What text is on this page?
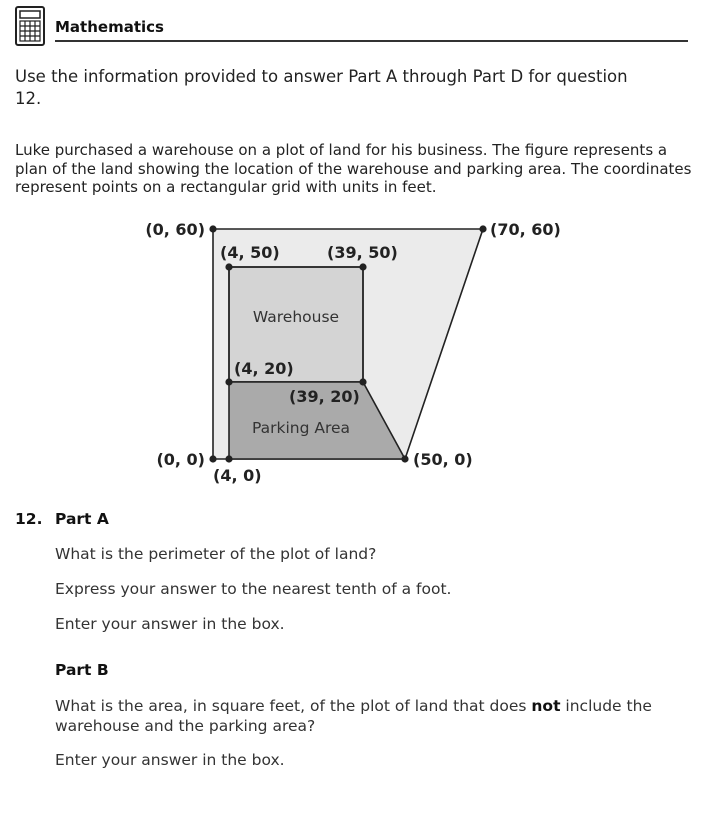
Mathematics

Use the information provided to answer Part A through Part D for question 12.

Luke purchased a warehouse on a plot of land for his business. The figure represents a plan of the land showing the location of the warehouse and parking area. The coordinates represent points on a rectangular grid with units in feet.

(0, 60)	(70, 60)
(4, 50)	(39, 50)
Warehouse
(4, 20)
(39, 20)
Parking Area
(0, 0)
(4, 0)
(50, 0)
12. Part A

What is the perimeter of the plot of land?

Express your answer to the nearest tenth of a foot.

Enter your answer in the box.

Part B

What is the area, in square feet, of the plot of land that does not include the warehouse and the parking area?

Enter your answer in the box.
